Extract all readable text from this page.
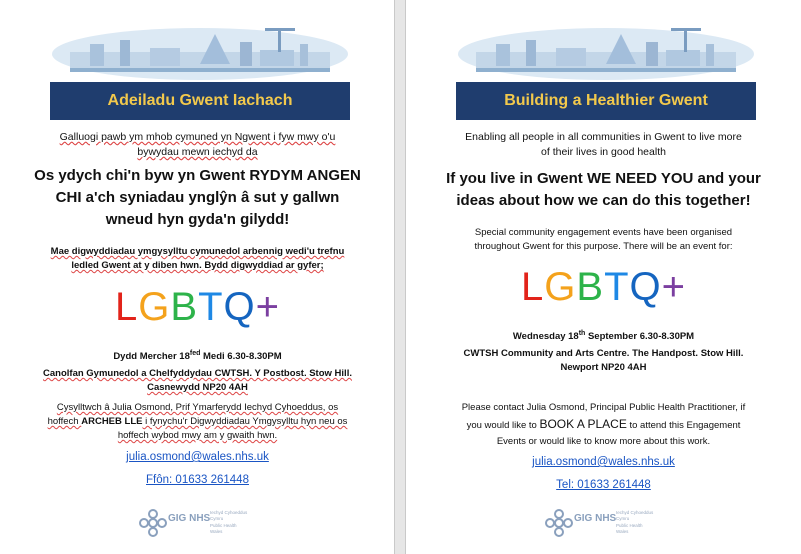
Adeiladu Gwent Iachach
Galluogi pawb ym mhob cymuned yn Ngwent i fyw mwy o'u
bywydau mewn iechyd da
Os ydych chi'n byw yn Gwent RYDYM ANGEN
CHI a'ch syniadau ynglŷn â sut y gallwn
wneud hyn gyda'n gilydd!
Mae digwyddiadau ymgysylltu cymunedol arbennig wedi'u trefnu
ledled Gwent at y diben hwn. Bydd digwyddiad ar gyfer;
LGBTQ+
Dydd Mercher $18^{fed}$ Medi 6.30-8.30PM
Canolfan Gymunedol a Chelfyddydau CWTSH. Y Postbost. Stow Hill.
Casnewydd NP20 4AH
Cysylltwch â Julia Osmond, Prif Ymarferydd Iechyd Cyhoeddus, os
hoffech ARCHEB LLE i fynychu'r Digwyddiadau Ymgysylltu hyn neu os
hoffech wybod mwy am y gwaith hwn.
julia.osmond@wales.nhs.uk
Ffôn: 01633 261448
GIG NHS
Iechyd Cyhoeddus
Cymru
Public Health
Wales
Building a Healthier Gwent
Enabling all people in all communities in Gwent to live more
of their lives in good health
If you live in Gwent WE NEED YOU and your
ideas about how we can do this together!
Special community engagement events have been organised
throughout Gwent for this purpose. There will be an event for:
LGBTQ+
Wednesday 18th September 6.30-8.30PM
CWTSH Community and Arts Centre. The Handpost. Stow Hill.
Newport NP20 4AH
Please contact Julia Osmond, Principal Public Health Practitioner, if
you would like to BOOK A PLACE to attend this Engagement
Events or would like to know more about this work.
julia.osmond@wales.nhs.uk
Tel: 01633 261448
GIG NHS
Iechyd Cyhoeddus
Cymru
Public Health
Wales
